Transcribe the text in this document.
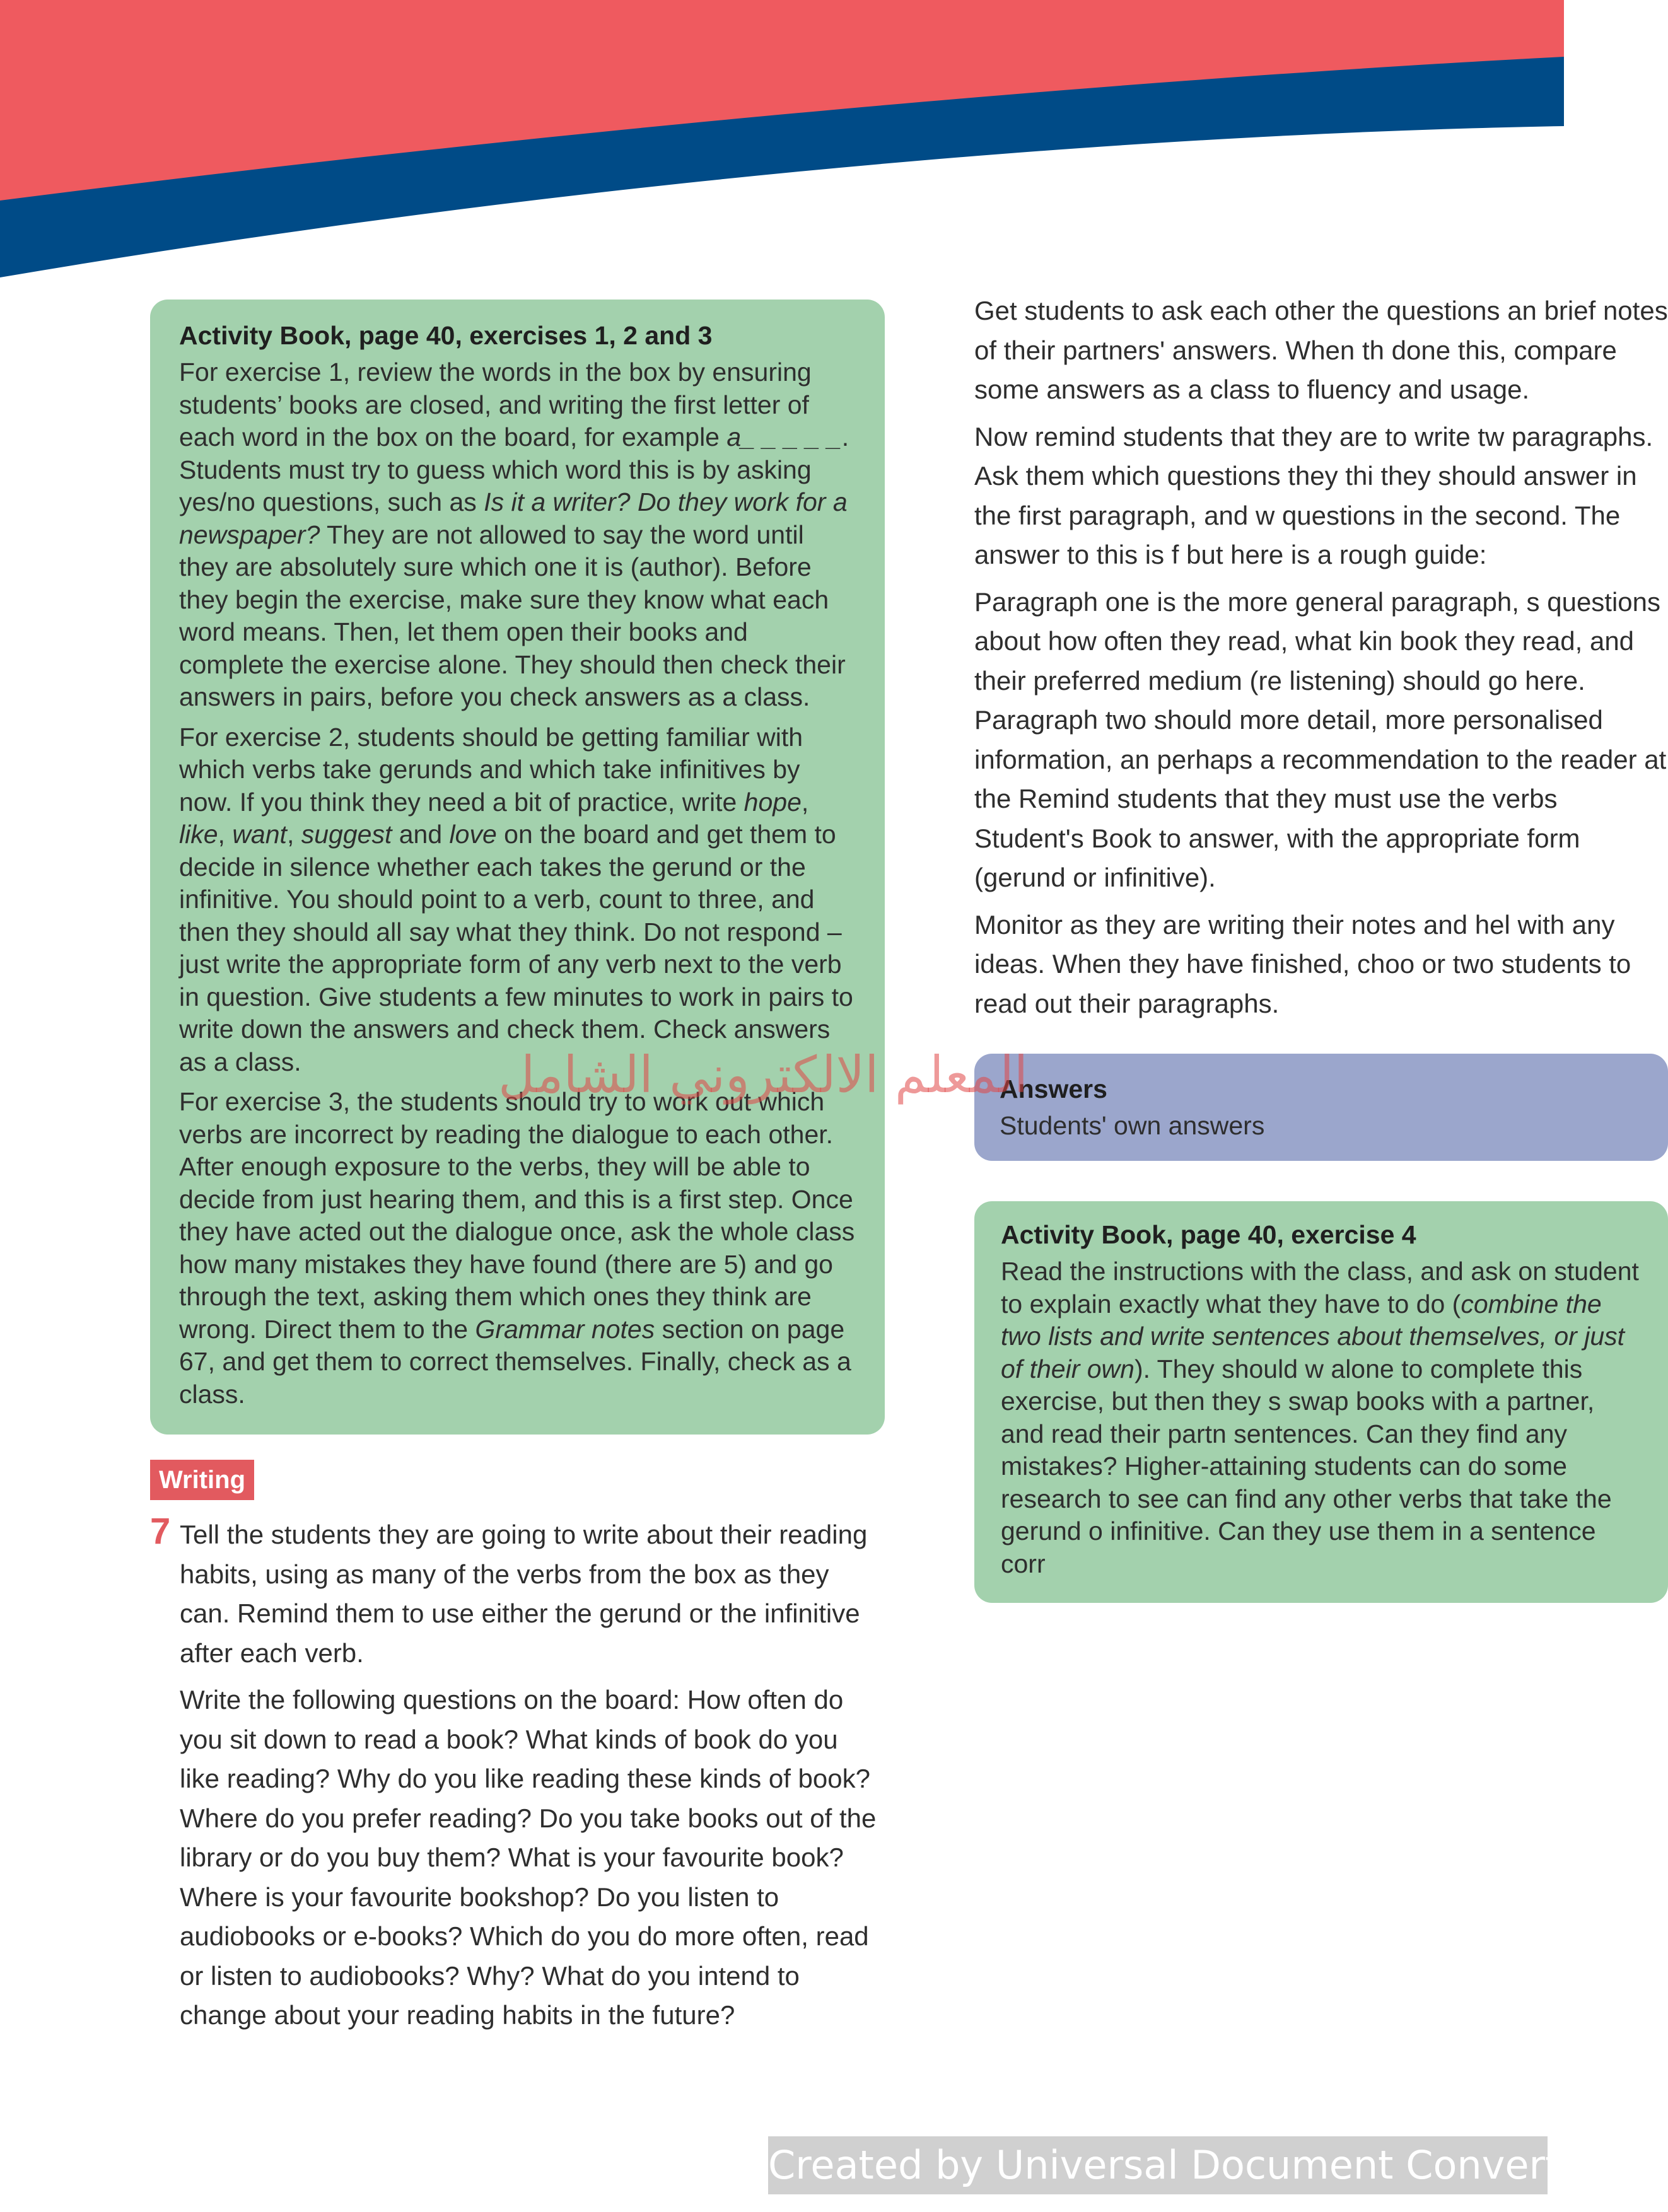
Activity Book, page 40, exercises 1, 2 and 3

For exercise 1, review the words in the box by ensuring students’ books are closed, and writing the first letter of each word in the box on the board, for example a_ _ _ _ _. Students must try to guess which word this is by asking yes/no questions, such as Is it a writer? Do they work for a newspaper? They are not allowed to say the word until they are absolutely sure which one it is (author). Before they begin the exercise, make sure they know what each word means. Then, let them open their books and complete the exercise alone. They should then check their answers in pairs, before you check answers as a class.

For exercise 2, students should be getting familiar with which verbs take gerunds and which take infinitives by now. If you think they need a bit of practice, write hope, like, want, suggest and love on the board and get them to decide in silence whether each takes the gerund or the infinitive. You should point to a verb, count to three, and then they should all say what they think. Do not respond – just write the appropriate form of any verb next to the verb in question. Give students a few minutes to work in pairs to write down the answers and check them. Check answers as a class.

For exercise 3, the students should try to work out which verbs are incorrect by reading the dialogue to each other. After enough exposure to the verbs, they will be able to decide from just hearing them, and this is a first step. Once they have acted out the dialogue once, ask the whole class how many mistakes they have found (there are 5) and go through the text, asking them which ones they think are wrong. Direct them to the Grammar notes section on page 67, and get them to correct themselves. Finally, check as a class.

Writing
7 Tell the students they are going to write about their reading habits, using as many of the verbs from the box as they can. Remind them to use either the gerund or the infinitive after each verb.

Write the following questions on the board: How often do you sit down to read a book? What kinds of book do you like reading? Why do you like reading these kinds of book? Where do you prefer reading? Do you take books out of the library or do you buy them? What is your favourite book? Where is your favourite bookshop? Do you listen to audiobooks or e-books? Which do you do more often, read or listen to audiobooks? Why? What do you intend to change about your reading habits in the future?

Get students to ask each other the questions an brief notes of their partners' answers. When th done this, compare some answers as a class to fluency and usage.

Now remind students that they are to write tw paragraphs. Ask them which questions they thi they should answer in the first paragraph, and w questions in the second. The answer to this is f but here is a rough guide:

Paragraph one is the more general paragraph, s questions about how often they read, what kin book they read, and their preferred medium (re listening) should go here. Paragraph two should more detail, more personalised information, an perhaps a recommendation to the reader at the Remind students that they must use the verbs Student's Book to answer, with the appropriate form (gerund or infinitive).

Monitor as they are writing their notes and hel with any ideas. When they have finished, choo or two students to read out their paragraphs.

Answers
Students' own answers
Activity Book, page 40, exercise 4

Read the instructions with the class, and ask on student to explain exactly what they have to do (combine the two lists and write sentences about themselves, or just of their own). They should w alone to complete this exercise, but then they s swap books with a partner, and read their partn sentences. Can they find any mistakes? Higher-attaining students can do some research to see can find any other verbs that take the gerund o infinitive. Can they use them in a sentence corr

المعلم الالكتروني الشامل
Created by Universal Document Converter
